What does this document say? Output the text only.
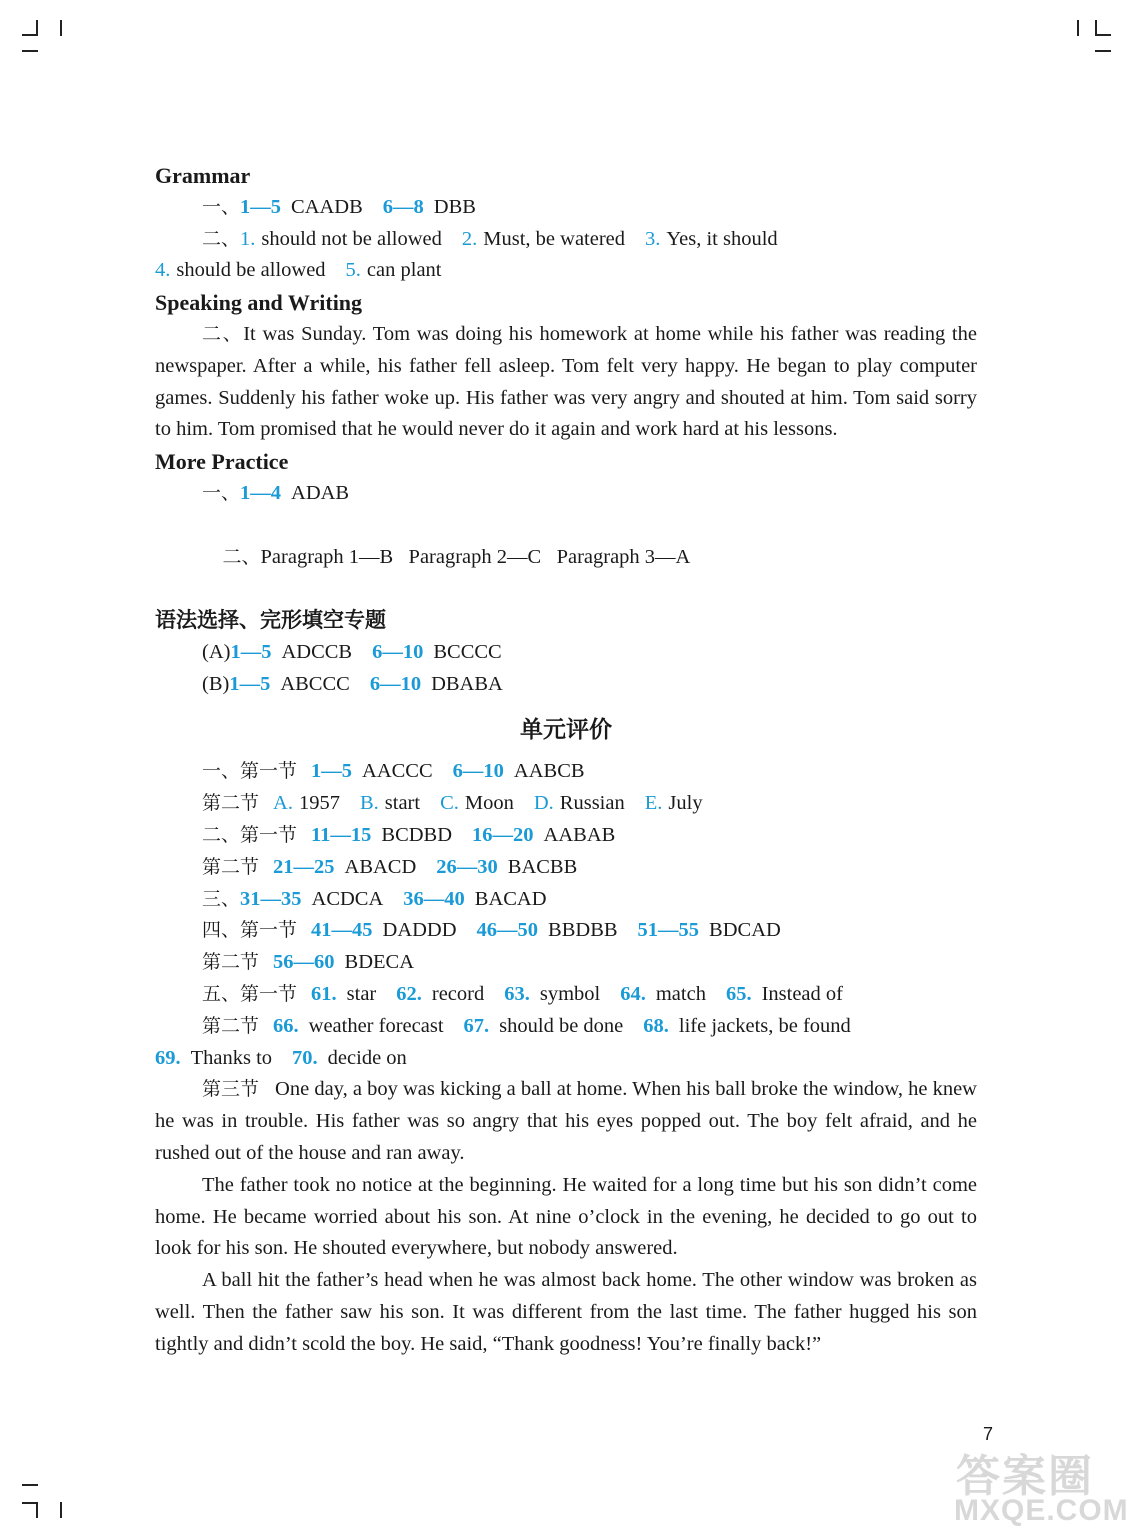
Grammar
一、1—5 CAADB 6—8 DBB
二、1. should not be allowed 2. Must, be watered 3. Yes, it should
4. should be allowed 5. can plant
Speaking and Writing
二、It was Sunday. Tom was doing his homework at home while his father was reading the newspaper. After a while, his father fell asleep. Tom felt very happy. He began to play computer games. Suddenly his father woke up. His father was very angry and shouted at him. Tom said sorry to him. Tom promised that he would never do it again and work hard at his lessons.
More Practice
一、1—4 ADAB

二、Paragraph 1—B   Paragraph 2—C   Paragraph 3—A

语法选择、完形填空专题
(A)1—5 ADCCB 6—10 BCCCC
(B)1—5 ABCCC 6—10 DBABA
单元评价
一、第一节 1—5 AACCC 6—10 AABCB
第二节 A. 1957 B. start C. Moon D. Russian E. July
二、第一节 11—15 BCDBD 16—20 AABAB
第二节 21—25 ABACD 26—30 BACBB
三、31—35 ACDCA 36—40 BACAD
四、第一节 41—45 DADDD 46—50 BBDBB 51—55 BDCAD
第二节 56—60 BDECA
五、第一节 61. star 62. record 63. symbol 64. match 65. Instead of
第二节 66. weather forecast 67. should be done 68. life jackets, be found
69. Thanks to 70. decide on
第三节 One day, a boy was kicking a ball at home. When his ball broke the window, he knew he was in trouble. His father was so angry that his eyes popped out. The boy felt afraid, and he rushed out of the house and ran away.
The father took no notice at the beginning. He waited for a long time but his son didn’t come home. He became worried about his son. At nine o’clock in the evening, he decided to go out to look for his son. He shouted everywhere, but nobody answered.
A ball hit the father’s head when he was almost back home. The other window was broken as well. Then the father saw his son. It was different from the last time. The father hugged his son tightly and didn’t scold the boy. He said, “Thank goodness! You’re finally back!”
7
答案圈
MXQE.COM
